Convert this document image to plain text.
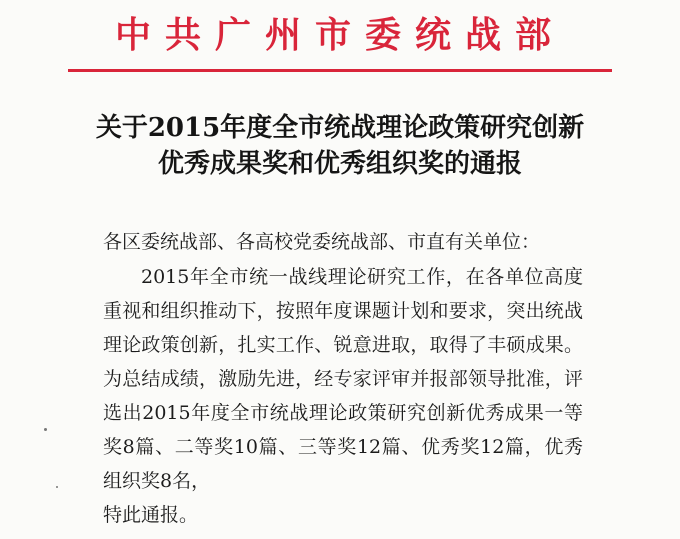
中共广州市委统战部
关于2015年度全市统战理论政策研究创新
优秀成果奖和优秀组织奖的通报
各区委统战部、各高校党委统战部、市直有关单位：
2015年全市统一战线理论研究工作，在各单位高度重视和组织推动下，按照年度课题计划和要求，突出统战理论政策创新，扎实工作、锐意进取，取得了丰硕成果。为总结成绩，激励先进，经专家评审并报部领导批准，评选出2015年度全市统战理论政策研究创新优秀成果一等奖8篇、二等奖10篇、三等奖12篇、优秀奖12篇，优秀组织奖8名，
特此通报。
